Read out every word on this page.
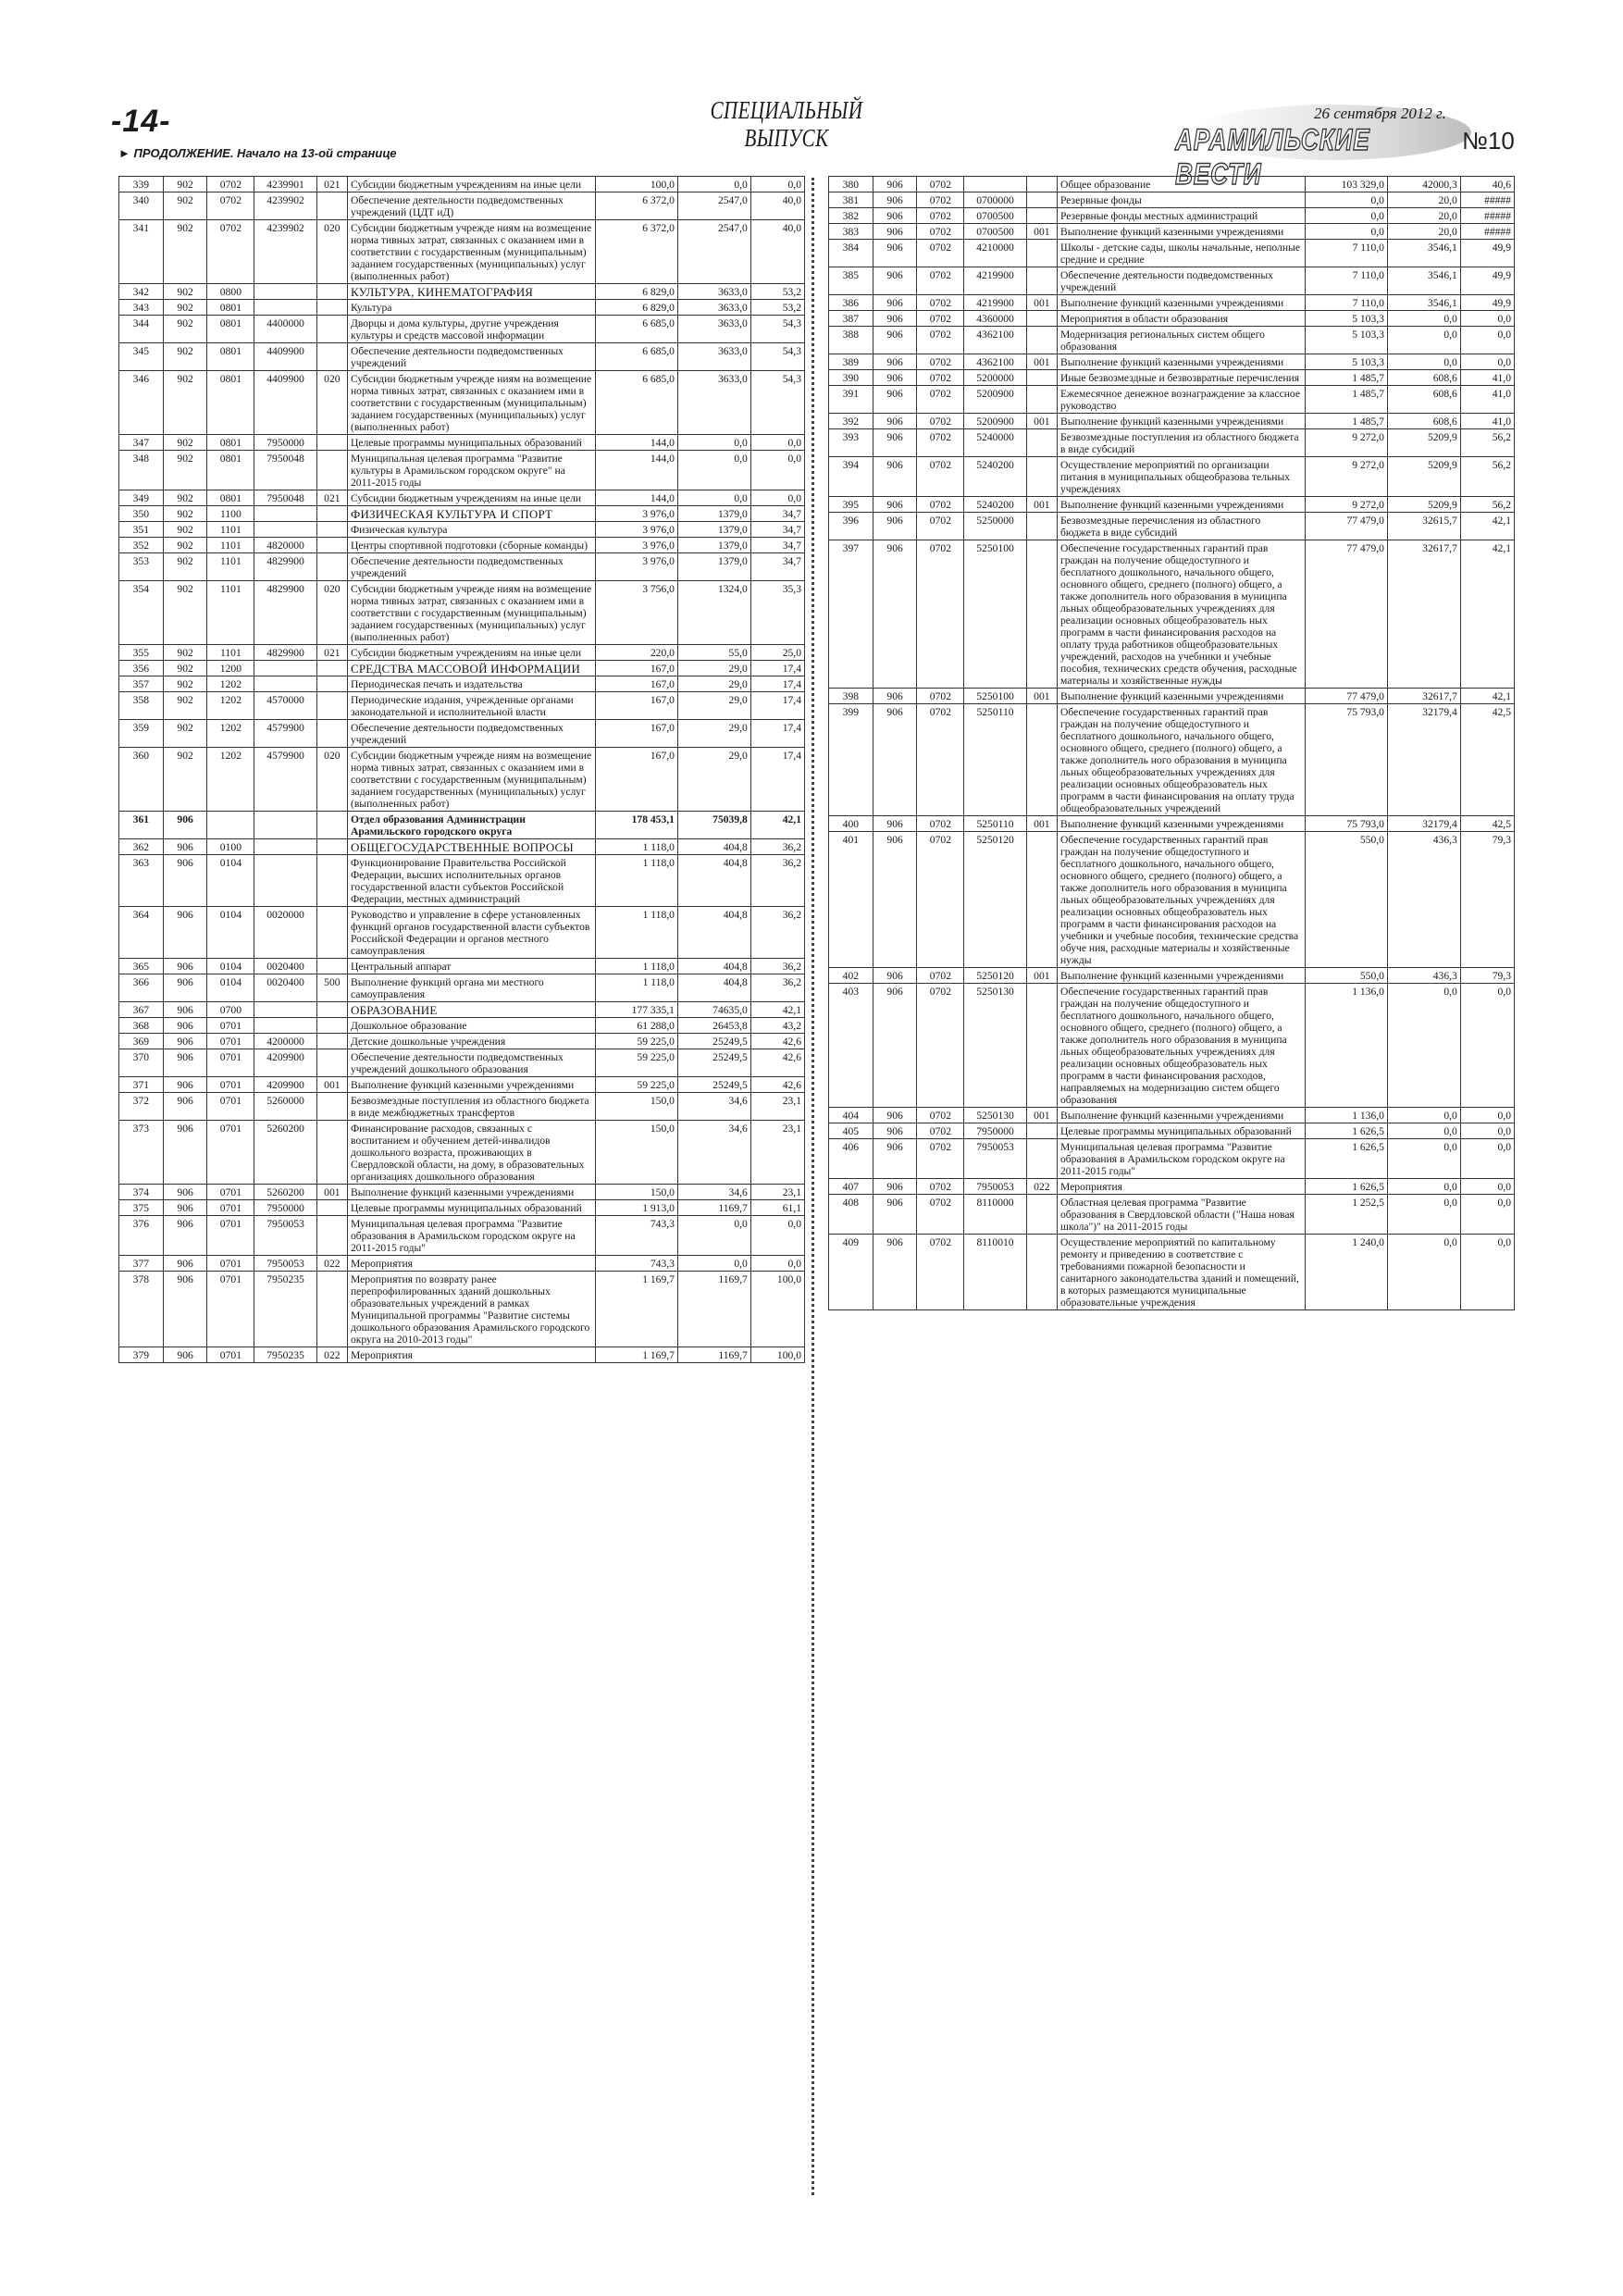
-14-
► ПРОДОЛЖЕНИЕ. Начало на 13-ой странице
СПЕЦИАЛЬНЫЙ ВЫПУСК
26 сентября 2012 г.
АРАМИЛЬСКИЕ ВЕСТИ
№10
339	902	0702	4239901	021	Субсидии бюджетным учреждениям на иные цели	100,0	0,0	0,0
340	902	0702	4239902		Обеспечение деятельности подведомственных учреждений (ЦДТ иД)	6 372,0	2547,0	40,0
341	902	0702	4239902	020	Субсидии бюджетным учрежде ниям на возмещение норма тивных затрат, связанных с оказанием ими в соответствии с государственным (муниципальным) заданием государственных (муниципальных) услуг (выполненных работ)	6 372,0	2547,0	40,0
342	902	0800			КУЛЬТУРА, КИНЕМАТОГРАФИЯ	6 829,0	3633,0	53,2
343	902	0801			Культура	6 829,0	3633,0	53,2
344	902	0801	4400000		Дворцы и дома культуры, другие учреждения культуры и средств массовой информации	6 685,0	3633,0	54,3
345	902	0801	4409900		Обеспечение деятельности подведомственных учреждений	6 685,0	3633,0	54,3
346	902	0801	4409900	020	Субсидии бюджетным учрежде ниям на возмещение норма тивных затрат, связанных с оказанием ими в соответствии с государственным (муниципальным) заданием государственных (муниципальных) услуг (выполненных работ)	6 685,0	3633,0	54,3
347	902	0801	7950000		Целевые программы муниципальных образований	144,0	0,0	0,0
348	902	0801	7950048		Муниципальная целевая программа "Развитие культуры в Арамильском городском округе" на 2011-2015 годы	144,0	0,0	0,0
349	902	0801	7950048	021	Субсидии бюджетным учреждениям на иные цели	144,0	0,0	0,0
350	902	1100			ФИЗИЧЕСКАЯ КУЛЬТУРА И СПОРТ	3 976,0	1379,0	34,7
351	902	1101			Физическая культура	3 976,0	1379,0	34,7
352	902	1101	4820000		Центры спортивной подготовки (сборные команды)	3 976,0	1379,0	34,7
353	902	1101	4829900		Обеспечение деятельности подведомственных учреждений	3 976,0	1379,0	34,7
354	902	1101	4829900	020	Субсидии бюджетным учрежде ниям на возмещение норма тивных затрат, связанных с оказанием ими в соответствии с государственным (муниципальным) заданием государственных (муниципальных) услуг (выполненных работ)	3 756,0	1324,0	35,3
355	902	1101	4829900	021	Субсидии бюджетным учреждениям на иные цели	220,0	55,0	25,0
356	902	1200			СРЕДСТВА МАССОВОЙ ИНФОРМАЦИИ	167,0	29,0	17,4
357	902	1202			Периодическая печать и издательства	167,0	29,0	17,4
358	902	1202	4570000		Периодические издания, учрежденные органами законодательной и исполнительной власти	167,0	29,0	17,4
359	902	1202	4579900		Обеспечение деятельности подведомственных учреждений	167,0	29,0	17,4
360	902	1202	4579900	020	Субсидии бюджетным учрежде ниям на возмещение норма тивных затрат, связанных с оказанием ими в соответствии с государственным (муниципальным) заданием государственных (муниципальных) услуг (выполненных работ)	167,0	29,0	17,4
361	906				Отдел образования Администрации Арамильского городского округа	178 453,1	75039,8	42,1
362	906	0100			ОБЩЕГОСУДАРСТВЕННЫЕ ВОПРОСЫ	1 118,0	404,8	36,2
363	906	0104			Функционирование Правительства Российской Федерации, высших исполнительных органов государственной власти субъектов Российской Федерации, местных администраций	1 118,0	404,8	36,2
364	906	0104	0020000		Руководство и управление в сфере установленных функций органов государственной власти субъектов Российской Федерации и органов местного самоуправления	1 118,0	404,8	36,2
365	906	0104	0020400		Центральный аппарат	1 118,0	404,8	36,2
366	906	0104	0020400	500	Выполнение функций органа ми местного самоуправления	1 118,0	404,8	36,2
367	906	0700			ОБРАЗОВАНИЕ	177 335,1	74635,0	42,1
368	906	0701			Дошкольное образование	61 288,0	26453,8	43,2
369	906	0701	4200000		Детские дошкольные учреждения	59 225,0	25249,5	42,6
370	906	0701	4209900		Обеспечение деятельности подведомственных учреждений дошкольного образования	59 225,0	25249,5	42,6
371	906	0701	4209900	001	Выполнение функций казенными учреждениями	59 225,0	25249,5	42,6
372	906	0701	5260000		Безвозмездные поступления из областного бюджета в виде межбюджетных трансфертов	150,0	34,6	23,1
373	906	0701	5260200		Финансирование расходов, связанных с воспитанием и обучением детей-инвалидов дошкольного возраста, проживающих в Свердловской области, на дому, в образовательных организациях дошкольного образования	150,0	34,6	23,1
374	906	0701	5260200	001	Выполнение функций казенными учреждениями	150,0	34,6	23,1
375	906	0701	7950000		Целевые программы муниципальных образований	1 913,0	1169,7	61,1
376	906	0701	7950053		Муниципальная целевая программа "Развитие образования в Арамильском городском округе на 2011-2015 годы"	743,3	0,0	0,0
377	906	0701	7950053	022	Мероприятия	743,3	0,0	0,0
378	906	0701	7950235		Мероприятия по возврату ранее перепрофилированных зданий дошкольных образовательных учреждений в рамках Муниципальной программы "Развитие системы дошкольного образования Арамильского городского округа на 2010-2013 годы"	1 169,7	1169,7	100,0
379	906	0701	7950235	022	Мероприятия	1 169,7	1169,7	100,0
380	906	0702			Общее образование	103 329,0	42000,3	40,6
381	906	0702	0700000		Резервные фонды	0,0	20,0	#####
382	906	0702	0700500		Резервные фонды местных администраций	0,0	20,0	#####
383	906	0702	0700500	001	Выполнение функций казенными учреждениями	0,0	20,0	#####
384	906	0702	4210000		Школы - детские сады, школы начальные, неполные средние и средние	7 110,0	3546,1	49,9
385	906	0702	4219900		Обеспечение деятельности подведомственных учреждений	7 110,0	3546,1	49,9
386	906	0702	4219900	001	Выполнение функций казенными учреждениями	7 110,0	3546,1	49,9
387	906	0702	4360000		Мероприятия в области образования	5 103,3	0,0	0,0
388	906	0702	4362100		Модернизация региональных систем общего образования	5 103,3	0,0	0,0
389	906	0702	4362100	001	Выполнение функций казенными учреждениями	5 103,3	0,0	0,0
390	906	0702	5200000		Иные безвозмездные и безвозвратные перечисления	1 485,7	608,6	41,0
391	906	0702	5200900		Ежемесячное денежное вознаграждение за классное руководство	1 485,7	608,6	41,0
392	906	0702	5200900	001	Выполнение функций казенными учреждениями	1 485,7	608,6	41,0
393	906	0702	5240000		Безвозмездные поступления из областного бюджета в виде субсидий	9 272,0	5209,9	56,2
394	906	0702	5240200		Осуществление мероприятий по организации питания в муниципальных общеобразова тельных учреждениях	9 272,0	5209,9	56,2
395	906	0702	5240200	001	Выполнение функций казенными учреждениями	9 272,0	5209,9	56,2
396	906	0702	5250000		Безвозмездные перечисления из областного бюджета в виде субсидий	77 479,0	32615,7	42,1
397	906	0702	5250100		Обеспечение государственных гарантий прав граждан на получение общедоступного и бесплатного дошкольного, начального общего, основного общего, среднего (полного) общего, а также дополнитель ного образования в муниципа льных общеобразовательных учреждениях для реализации основных общеобразователь ных программ в части финансирования расходов на оплату труда работников общеобразовательных учреждений, расходов на учебники и учебные пособия, технических средств обучения, расходные материалы и хозяйственные нужды	77 479,0	32617,7	42,1
398	906	0702	5250100	001	Выполнение функций казенными учреждениями	77 479,0	32617,7	42,1
399	906	0702	5250110		Обеспечение государственных гарантий прав граждан на получение общедоступного и бесплатного дошкольного, начального общего, основного общего, среднего (полного) общего, а также дополнитель ного образования в муниципа льных общеобразовательных учреждениях для реализации основных общеобразователь ных программ в части финансирования на оплату труда общеобразовательных учреждений	75 793,0	32179,4	42,5
400	906	0702	5250110	001	Выполнение функций казенными учреждениями	75 793,0	32179,4	42,5
401	906	0702	5250120		Обеспечение государственных гарантий прав граждан на получение общедоступного и бесплатного дошкольного, начального общего, основного общего, среднего (полного) общего, а также дополнитель ного образования в муниципа льных общеобразовательных учреждениях для реализации основных общеобразователь ных программ в части финансирования расходов на учебники и учебные пособия, технические средства обуче ния, расходные материалы и хозяйственные нужды	550,0	436,3	79,3
402	906	0702	5250120	001	Выполнение функций казенными учреждениями	550,0	436,3	79,3
403	906	0702	5250130		Обеспечение государственных гарантий прав граждан на получение общедоступного и бесплатного дошкольного, начального общего, основного общего, среднего (полного) общего, а также дополнитель ного образования в муниципа льных общеобразовательных учреждениях для реализации основных общеобразователь ных программ в части финансирования расходов, направляемых на модернизацию систем общего образования	1 136,0	0,0	0,0
404	906	0702	5250130	001	Выполнение функций казенными учреждениями	1 136,0	0,0	0,0
405	906	0702	7950000		Целевые программы муниципальных образований	1 626,5	0,0	0,0
406	906	0702	7950053		Муниципальная целевая программа "Развитие образования в Арамильском городском округе на 2011-2015 годы"	1 626,5	0,0	0,0
407	906	0702	7950053	022	Мероприятия	1 626,5	0,0	0,0
408	906	0702	8110000		Областная целевая программа "Развитие образования в Свердловской области ("Наша новая школа")" на 2011-2015 годы	1 252,5	0,0	0,0
409	906	0702	8110010		Осуществление мероприятий по капитальному ремонту и приведению в соответствие с требованиями пожарной безопасности и санитарного законодательства зданий и помещений, в которых размещаются муниципальные образовательные учреждения	1 240,0	0,0	0,0
